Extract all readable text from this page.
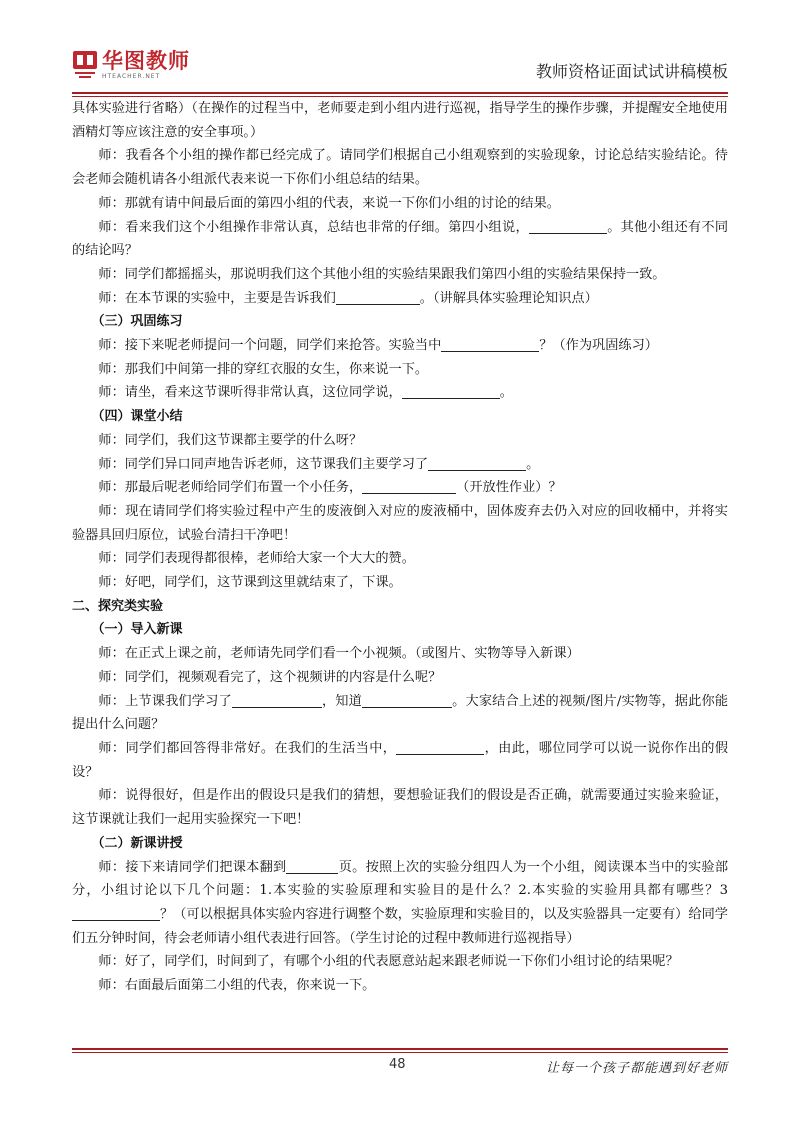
华图教师
HTEACHER.NET	教师资格证面试试讲稿模板

具体实验进行省略）（在操作的过程当中，老师要走到小组内进行巡视，指导学生的操作步骤，并提醒安全地使用酒精灯等应该注意的安全事项。）

师：我看各个小组的操作都已经完成了。请同学们根据自己小组观察到的实验现象，讨论总结实验结论。待会老师会随机请各小组派代表来说一下你们小组总结的结果。

师：那就有请中间最后面的第四小组的代表，来说一下你们小组的讨论的结果。

师：看来我们这个小组操作非常认真，总结也非常的仔细。第四小组说，	。其他小组还有不同的结论吗？

师：同学们都摇摇头，那说明我们这个其他小组的实验结果跟我们第四小组的实验结果保持一致。

师：在本节课的实验中，主要是告诉我们	。（讲解具体实验理论知识点）

（三）巩固练习

师：接下来呢老师提问一个问题，同学们来抢答。实验当中	？（作为巩固练习）

师：那我们中间第一排的穿红衣服的女生，你来说一下。

师：请坐，看来这节课听得非常认真，这位同学说，	。

（四）课堂小结

师：同学们，我们这节课都主要学的什么呀？

师：同学们异口同声地告诉老师，这节课我们主要学习了	。

师：那最后呢老师给同学们布置一个小任务，	（开放性作业）？

师：现在请同学们将实验过程中产生的废液倒入对应的废液桶中，固体废弃去仍入对应的回收桶中，并将实验器具回归原位，试验台清扫干净吧！

师：同学们表现得都很棒，老师给大家一个大大的赞。

师：好吧，同学们，这节课到这里就结束了，下课。

二、探究类实验

（一）导入新课

师：在正式上课之前，老师请先同学们看一个小视频。（或图片、实物等导入新课）

师：同学们，视频观看完了，这个视频讲的内容是什么呢？

师：上节课我们学习了	，知道	。大家结合上述的视频/图片/实物等，据此你能提出什么问题？

师：同学们都回答得非常好。在我们的生活当中，	，由此，哪位同学可以说一说你作出的假设？

师：说得很好，但是作出的假设只是我们的猜想，要想验证我们的假设是否正确，就需要通过实验来验证，这节课就让我们一起用实验探究一下吧！

（二）新课讲授

师：接下来请同学们把课本翻到	页。按照上次的实验分组四人为一个小组，阅读课本当中的实验部分，小组讨论以下几个问题：1.本实验的实验原理和实验目的是什么？2.本实验的实验用具都有哪些？3？（可以根据具体实验内容进行调整个数，实验原理和实验目的，以及实验器具一定要有）给同学们五分钟时间，待会老师请小组代表进行回答。（学生讨论的过程中教师进行巡视指导）

师：好了，同学们，时间到了，有哪个小组的代表愿意站起来跟老师说一下你们小组讨论的结果呢？

师：右面最后面第二小组的代表，你来说一下。

48	让每一个孩子都能遇到好老师
